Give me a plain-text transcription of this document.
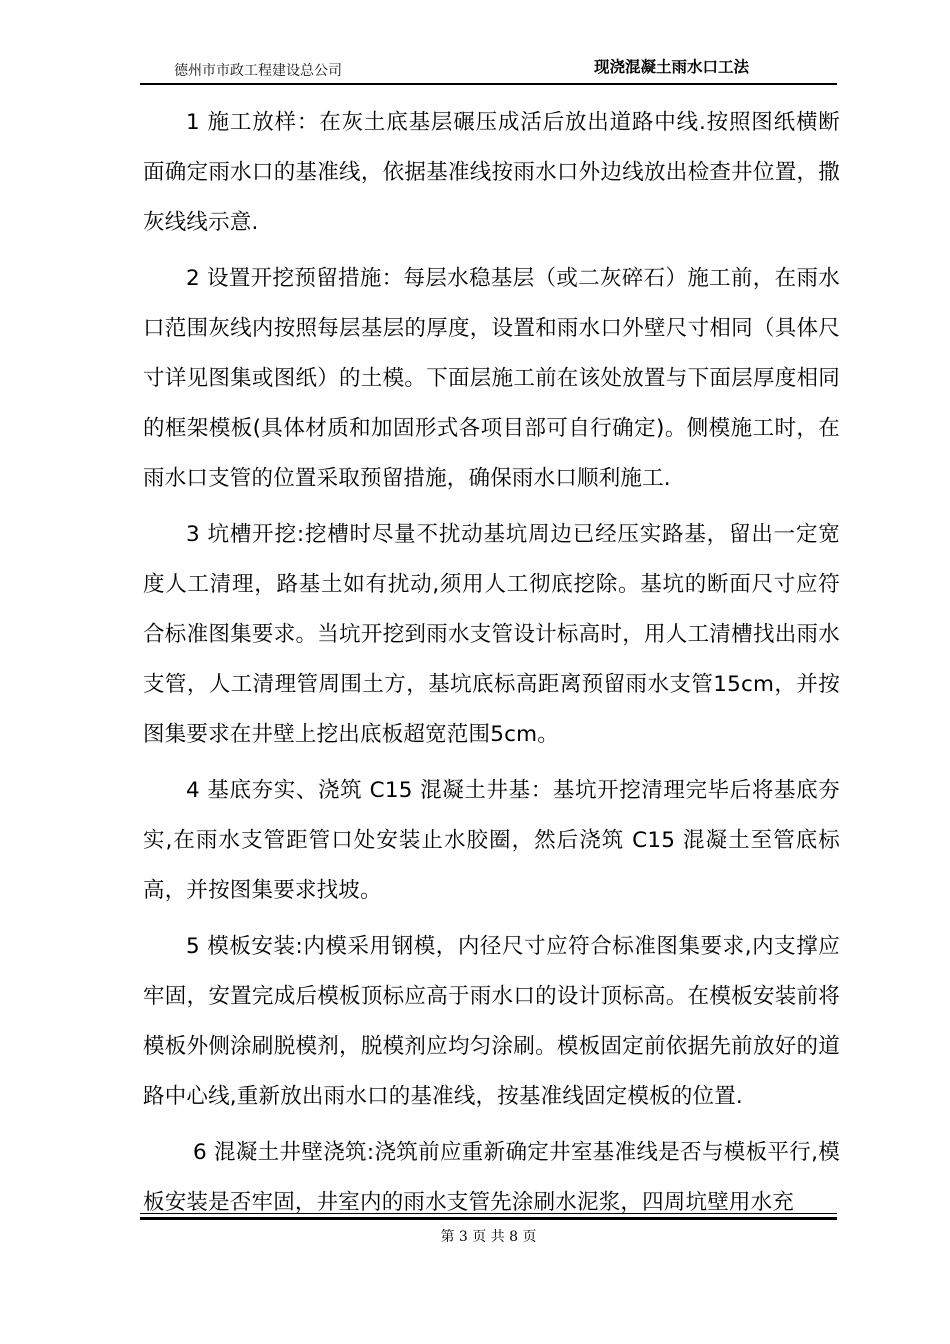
德州市市政工程建设总公司	现浇混凝土雨水口工法

1 施工放样：在灰土底基层碾压成活后放出道路中线.按照图纸横断面确定雨水口的基准线，依据基准线按雨水口外边线放出检查井位置，撒灰线线示意.

2 设置开挖预留措施：每层水稳基层（或二灰碎石）施工前，在雨水口范围灰线内按照每层基层的厚度，设置和雨水口外壁尺寸相同（具体尺寸详见图集或图纸）的土模。下面层施工前在该处放置与下面层厚度相同的框架模板(具体材质和加固形式各项目部可自行确定)。侧模施工时，在雨水口支管的位置采取预留措施，确保雨水口顺利施工.

3 坑槽开挖:挖槽时尽量不扰动基坑周边已经压实路基，留出一定宽度人工清理，路基土如有扰动,须用人工彻底挖除。基坑的断面尺寸应符合标准图集要求。当坑开挖到雨水支管设计标高时，用人工清槽找出雨水支管，人工清理管周围土方，基坑底标高距离预留雨水支管15cm，并按图集要求在井壁上挖出底板超宽范围5cm。

4 基底夯实、浇筑 C15 混凝土井基：基坑开挖清理完毕后将基底夯实,在雨水支管距管口处安装止水胶圈，然后浇筑 C15 混凝土至管底标高，并按图集要求找坡。

5 模板安装:内模采用钢模，内径尺寸应符合标准图集要求,内支撑应牢固，安置完成后模板顶标应高于雨水口的设计顶标高。在模板安装前将模板外侧涂刷脱模剂，脱模剂应均匀涂刷。模板固定前依据先前放好的道路中心线,重新放出雨水口的基准线，按基准线固定模板的位置.

6 混凝土井壁浇筑:浇筑前应重新确定井室基准线是否与模板平行,模板安装是否牢固，井室内的雨水支管先涂刷水泥浆，四周坑壁用水充

第 3 页 共 8 页
